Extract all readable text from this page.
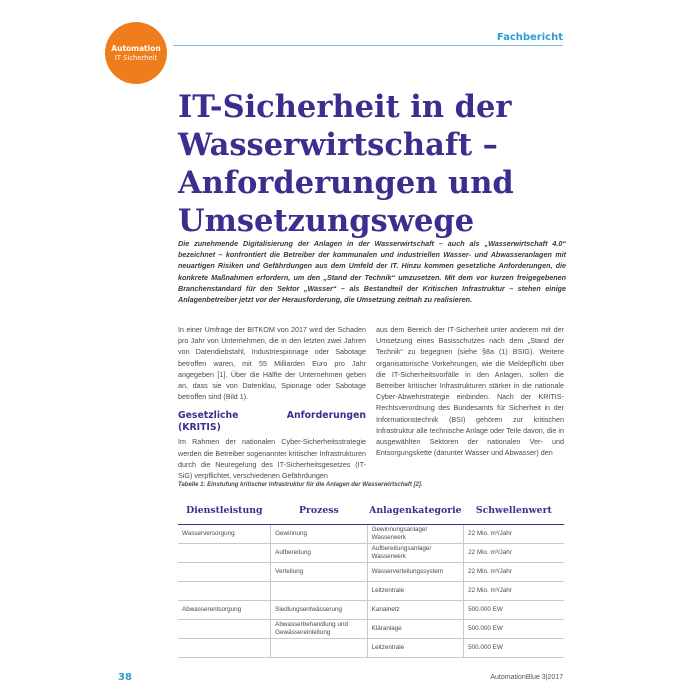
Automation
IT Sicherheit
Fachbericht
IT-Sicherheit in der Wasserwirtschaft – Anforderungen und Umsetzungswege

Die zunehmende Digitalisierung der Anlagen in der Wasserwirtschaft – auch als „Wasserwirtschaft 4.0“ bezeichnet – konfrontiert die Betreiber der kommunalen und industriellen Wasser- und Abwasseranlagen mit neuartigen Risiken und Gefährdungen aus dem Umfeld der IT. Hinzu kommen gesetzliche Anforderungen, die konkrete Maßnahmen erfordern, um den „Stand der Technik“ umzusetzen. Mit dem vor kurzen freigegebenen Branchenstandard für den Sektor „Wasser“ – als Bestandteil der Kritischen Infrastruktur – stehen einige Anlagenbetreiber jetzt vor der Herausforderung, die Umsetzung zeitnah zu realisieren.

In einer Umfrage der BITKOM von 2017 wird der Schaden pro Jahr von Unternehmen, die in den letzten zwei Jahren von Datendiebstahl, Industriespionage oder Sabotage betroffen waren, mit 55 Milliarden Euro pro Jahr angegeben [1]. Über die Hälfte der Unternehmen geben an, dass sie von Datenklau, Spionage oder Sabotage betroffen sind (Bild 1).

Gesetzliche Anforderungen (KRITIS)

Im Rahmen der nationalen Cyber-Sicherheitsstrategie werden die Betreiber sogenannter kritischer Infrastrukturen durch die Neuregelung des IT-Sicherheitsgesetzes (IT-SiG) verpflichtet, verschiedenen Gefährdungen

aus dem Bereich der IT-Sicherheit unter anderem mit der Umsetzung eines Basisschutzes nach dem „Stand der Technik“ zu begegnen (siehe §8a (1) BSIG). Weitere organisatorische Vorkehrungen, wie die Meldepflicht über die IT-Sicherheitsvorfälle in den Anlagen, sollen die Betreiber kritischer Infrastrukturen stärker in die nationale Cyber-Abwehrstrategie einbinden. Nach der KRITIS-Rechtsverordnung des Bundesamts für Sicherheit in der Informationstechnik (BSI) gehören zur kritischen Infrastruktur alle technische Anlage oder Teile davon, die in ausgewählten Sektoren der nationalen Ver- und Entsorgungskette (darunter Wasser und Abwasser) den

Tabelle 1: Einstufung kritischer Infrastruktur für die Anlagen der Wasserwirtschaft [2].
Dienstleistung	Prozess	Anlagenkategorie	Schwellenwert
Wasserversorgung	Gewinnung	Gewinnungsanlage/ Wasserwerk	22 Mio. m³/Jahr
	Aufbereitung	Aufbereitungsanlage/ Wasserwerk	22 Mio. m³/Jahr
	Verteilung	Wasserverteilungssystem	22 Mio. m³/Jahr
		Leitzentrale	22 Mio. m³/Jahr
Abwasserentsorgung	Siedlungsentwässerung	Kanalnetz	500.000 EW
	Abwasserbehandlung und Gewässereinleitung	Kläranlage	500.000 EW
		Leitzentrale	500.000 EW
38	AutomationBlue 3|2017
